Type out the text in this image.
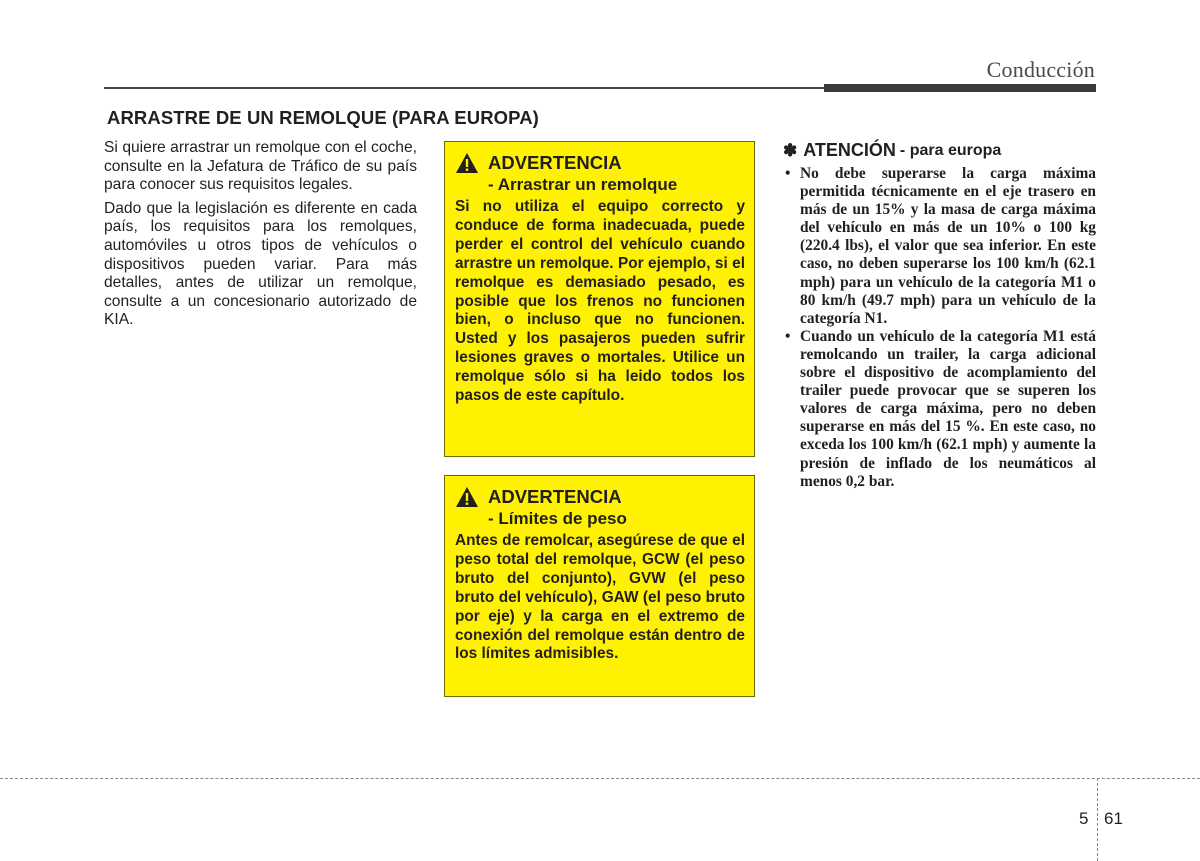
Conducción
ARRASTRE DE UN REMOLQUE (PARA EUROPA)

Si quiere arrastrar un remolque con el coche, consulte en la Jefatura de Tráfico de su país para conocer sus requisitos legales.

Dado que la legislación es diferente en cada país, los requisitos para los remolques, automóviles u otros tipos de vehículos o dispositivos pueden variar. Para más detalles, antes de utilizar un remolque, consulte a un concesionario autorizado de KIA.

ADVERTENCIA
- Arrastrar un remolque
Si no utiliza el equipo correcto y conduce de forma inadecuada, puede perder el control del vehículo cuando arrastre un remolque. Por ejemplo, si el remolque es demasiado pesado, es posible que los frenos no funcionen bien, o incluso que no funcionen. Usted y los pasajeros pueden sufrir lesiones graves o mortales. Utilice un remolque sólo si ha leido todos los pasos de este capítulo.
ADVERTENCIA
- Límites de peso
Antes de remolcar, asegúrese de que el peso total del remolque, GCW (el peso bruto del conjunto), GVW (el peso bruto del vehículo), GAW (el peso bruto por eje) y la carga en el extremo de conexión del remolque están dentro de los límites admisibles.
✽ ATENCIÓN - para europa
• No debe superarse la carga máxima permitida técnicamente en el eje trasero en más de un 15% y la masa de carga máxima del vehículo en más de un 10% o 100 kg (220.4 lbs), el valor que sea inferior. En este caso, no deben superarse los 100 km/h (62.1 mph) para un vehículo de la categoría M1 o 80 km/h (49.7 mph) para un vehículo de la categoría N1.
• Cuando un vehículo de la categoría M1 está remolcando un trailer, la carga adicional sobre el dispositivo de acomplamiento del trailer puede provocar que se superen los valores de carga máxima, pero no deben superarse en más del 15 %. En este caso, no exceda los 100 km/h (62.1 mph) y aumente la presión de inflado de los neumáticos al menos 0,2 bar.
5 61
